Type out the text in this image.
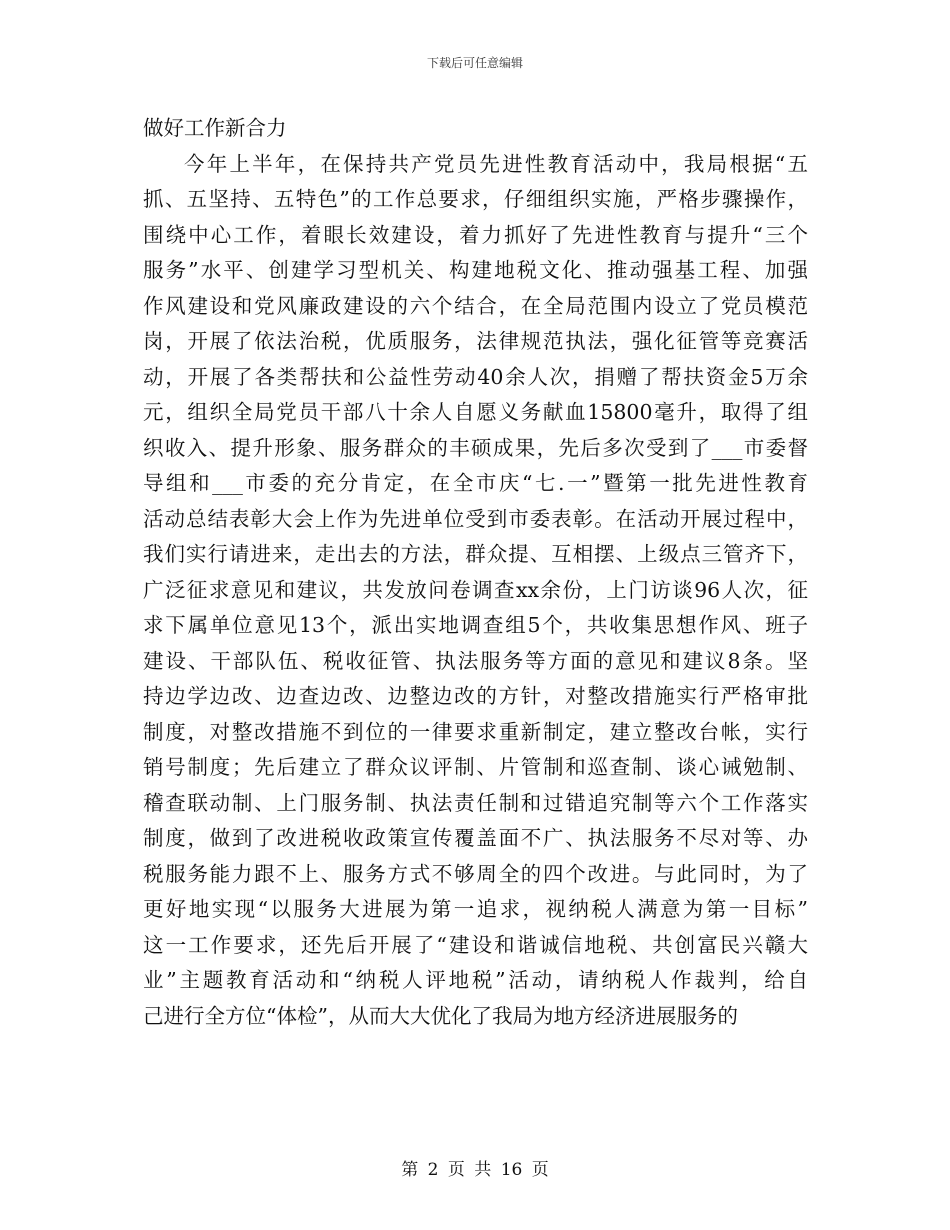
下载后可任意编辑
做好工作新合力
今年上半年，在保持共产党员先进性教育活动中，我局根据“五
抓、五坚持、五特色”的工作总要求，仔细组织实施，严格步骤操作，
围绕中心工作，着眼长效建设，着力抓好了先进性教育与提升“三个
服务”水平、创建学习型机关、构建地税文化、推动强基工程、加强
作风建设和党风廉政建设的六个结合，在全局范围内设立了党员模范
岗，开展了依法治税，优质服务，法律规范执法，强化征管等竞赛活
动，开展了各类帮扶和公益性劳动40余人次，捐赠了帮扶资金5万余
元，组织全局党员干部八十余人自愿义务献血15800毫升，取得了组
织收入、提升形象、服务群众的丰硕成果，先后多次受到了___市委督
导组和___市委的充分肯定，在全市庆“七.一”暨第一批先进性教育
活动总结表彰大会上作为先进单位受到市委表彰。在活动开展过程中，
我们实行请进来，走出去的方法，群众提、互相摆、上级点三管齐下，
广泛征求意见和建议，共发放问卷调查xx余份，上门访谈96人次，征
求下属单位意见13个，派出实地调查组5个，共收集思想作风、班子
建设、干部队伍、税收征管、执法服务等方面的意见和建议8条。坚
持边学边改、边查边改、边整边改的方针，对整改措施实行严格审批
制度，对整改措施不到位的一律要求重新制定，建立整改台帐，实行
销号制度；先后建立了群众议评制、片管制和巡查制、谈心诫勉制、
稽查联动制、上门服务制、执法责任制和过错追究制等六个工作落实
制度，做到了改进税收政策宣传覆盖面不广、执法服务不尽对等、办
税服务能力跟不上、服务方式不够周全的四个改进。与此同时，为了
更好地实现“以服务大进展为第一追求，视纳税人满意为第一目标”
这一工作要求，还先后开展了“建设和谐诚信地税、共创富民兴赣大
业”主题教育活动和“纳税人评地税”活动，请纳税人作裁判，给自
己进行全方位“体检”，从而大大优化了我局为地方经济进展服务的
第 2 页 共 16 页
